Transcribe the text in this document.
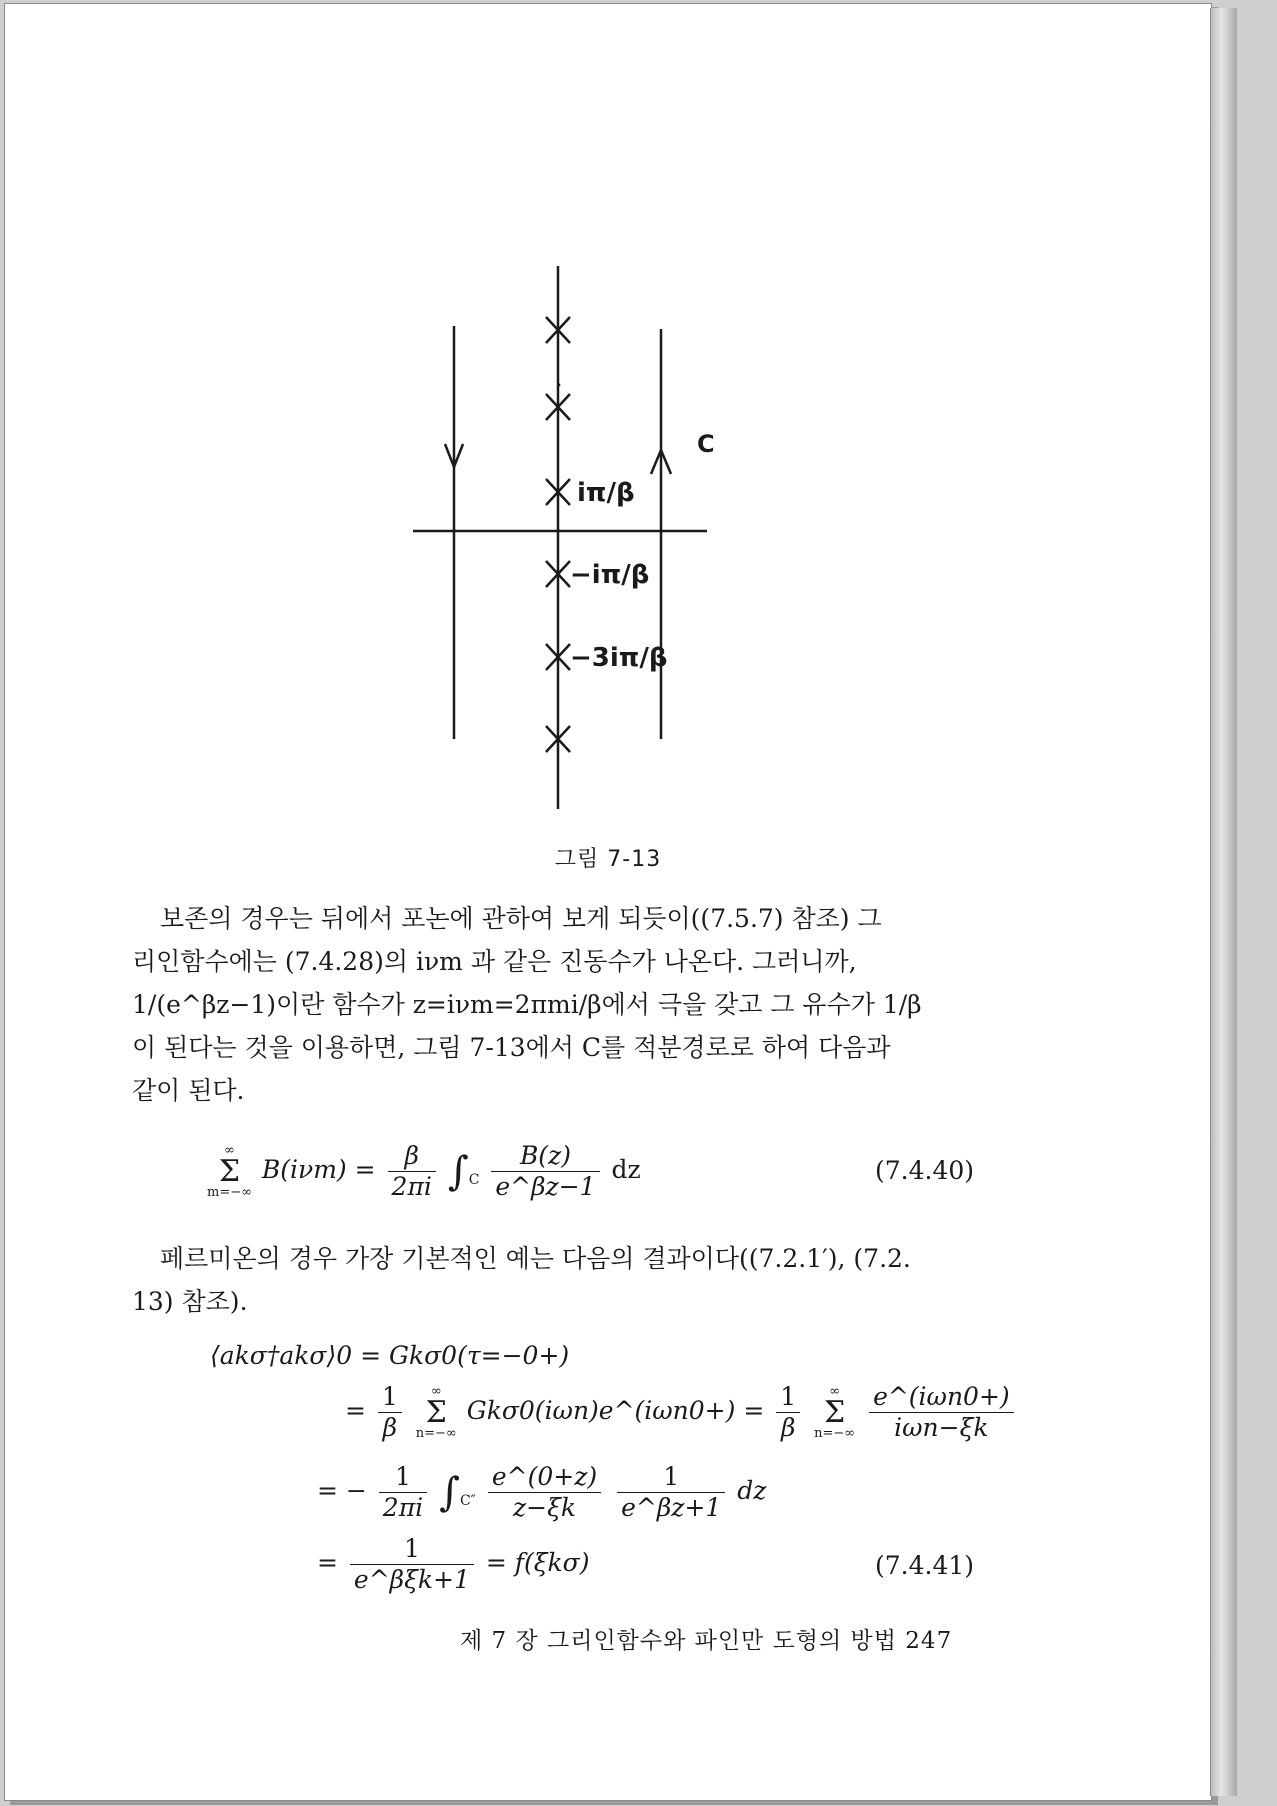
•
C
iπ/β
−iπ/β
−3iπ/β
그림 7-13
보존의 경우는 뒤에서 포논에 관하여 보게 되듯이((7.5.7) 참조) 그
리인함수에는 (7.4.28)의 iνm 과 같은 진동수가 나온다. 그러니까,
1/(e^βz−1)이란 함수가 z=iνm=2πmi/β에서 극을 갖고 그 유수가 1/β
이 된다는 것을 이용하면, 그림 7-13에서 C를 적분경로로 하여 다음과
같이 된다.
∞
Σ
m=−∞ $B(i\nu m) = \frac{\beta}{2\pi i} \int_C \frac{B(z)}{e\^{}\beta z-1}$ dz	(7.4.40)
페르미온의 경우 가장 기본적인 예는 다음의 결과이다((7.2.1′), (7.2.
13) 참조).
⟨akσ†akσ⟩0 = Gkσ0(τ=−0+)
= $\frac{1}{\beta}$ ∞
Σ
n=−∞ Gkσ0(iωn)e^(iωn0+) = $\frac{1}{\beta}$ ∞
Σ
$n=-\infty \frac{\text{e\textasciicircum{}(iωn0+)}}{\text{iωn−ξk}}$
= − $\frac{1}{2\pi i} \int_{C''} \frac{e\^{}(0+z)}{z-\xi k}$
$\frac{1}{e\^{}\beta z+1}$ dz
= $\frac{1}{\text{e\textasciicircum{}βξk+1}} = f(\xi k\sigma)$	(7.4.41)
제 7 장 그리인함수와 파인만 도형의 방법 247
